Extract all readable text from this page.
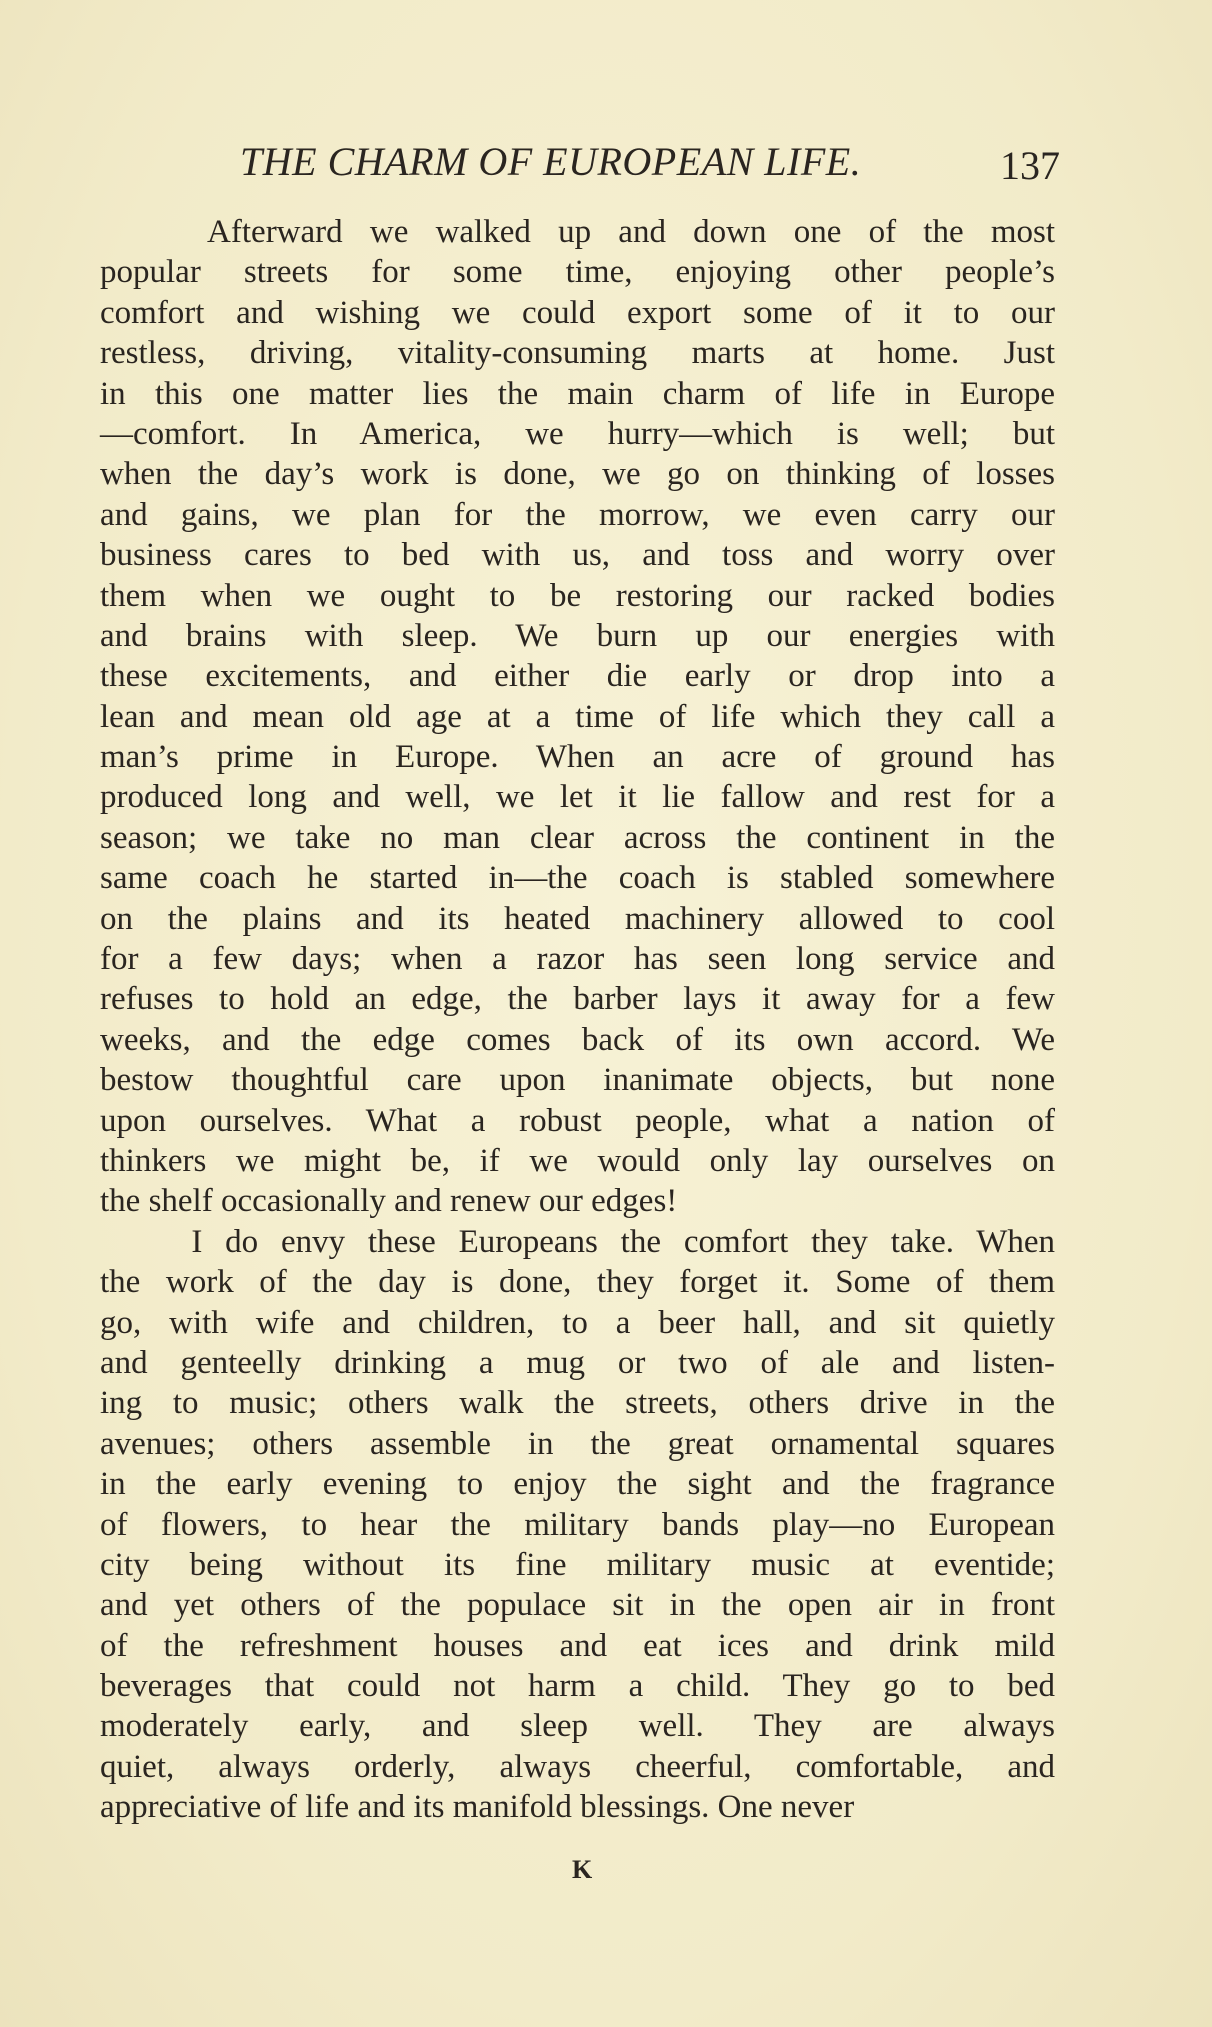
THE CHARM OF EUROPEAN LIFE.	137
Afterward we walked up and down one of the most
popular streets for some time, enjoying other people’s
comfort and wishing we could export some of it to our
restless, driving, vitality-consuming marts at home. Just
in this one matter lies the main charm of life in Europe
—comfort. In America, we hurry—which is well; but
when the day’s work is done, we go on thinking of losses
and gains, we plan for the morrow, we even carry our
business cares to bed with us, and toss and worry over
them when we ought to be restoring our racked bodies
and brains with sleep. We burn up our energies with
these excitements, and either die early or drop into a
lean and mean old age at a time of life which they call a
man’s prime in Europe. When an acre of ground has
produced long and well, we let it lie fallow and rest for a
season; we take no man clear across the continent in the
same coach he started in—the coach is stabled somewhere
on the plains and its heated machinery allowed to cool
for a few days; when a razor has seen long service and
refuses to hold an edge, the barber lays it away for a few
weeks, and the edge comes back of its own accord. We
bestow thoughtful care upon inanimate objects, but none
upon ourselves. What a robust people, what a nation of
thinkers we might be, if we would only lay ourselves on
the shelf occasionally and renew our edges!
I do envy these Europeans the comfort they take. When
the work of the day is done, they forget it. Some of them
go, with wife and children, to a beer hall, and sit quietly
and genteelly drinking a mug or two of ale and listen-
ing to music; others walk the streets, others drive in the
avenues; others assemble in the great ornamental squares
in the early evening to enjoy the sight and the fragrance
of flowers, to hear the military bands play—no European
city being without its fine military music at eventide;
and yet others of the populace sit in the open air in front
of the refreshment houses and eat ices and drink mild
beverages that could not harm a child. They go to bed
moderately early, and sleep well. They are always
quiet, always orderly, always cheerful, comfortable, and
appreciative of life and its manifold blessings. One never
K
